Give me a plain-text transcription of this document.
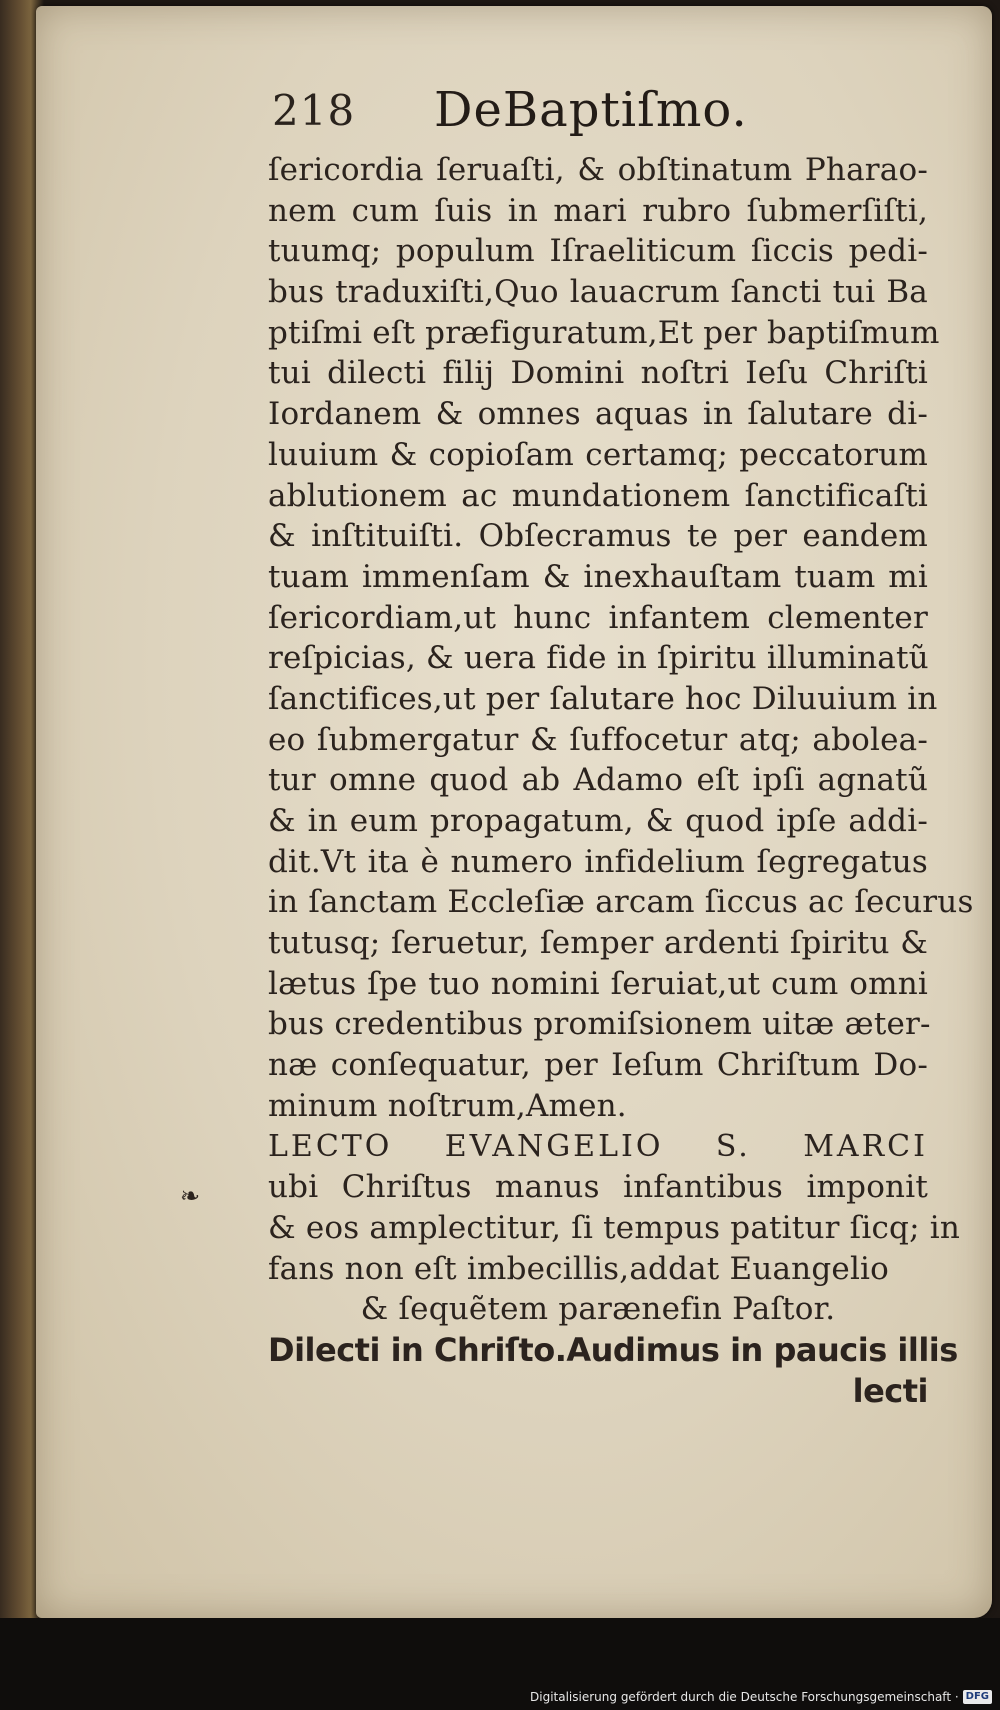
218 DeBaptiſmo.
❧
ſericordia ſeruaſti, & obſtinatum Pharao-
nem cum ſuis in mari rubro ſubmerſiſti,
tuumq; populum Iſraeliticum ſiccis pedi-
bus traduxiſti,Quo lauacrum ſancti tui Ba
ptiſmi eſt præfiguratum,Et per baptiſmum
tui dilecti filij Domini noſtri Ieſu Chriſti
Iordanem & omnes aquas in ſalutare di-
luuium & copioſam certamq; peccatorum
ablutionem ac mundationem ſanctificaſti
& inſtituiſti. Obſecramus te per eandem
tuam immenſam & inexhauſtam tuam mi
ſericordiam,ut hunc infantem clementer
reſpicias, & uera fide in ſpiritu illuminatũ
ſanctifices,ut per ſalutare hoc Diluuium in
eo ſubmergatur & ſuffocetur atq; abolea-
tur omne quod ab Adamo eſt ipſi agnatũ
& in eum propagatum, & quod ipſe addi-
dit.Vt ita è numero infidelium ſegregatus
in ſanctam Eccleſiæ arcam ſiccus ac ſecurus
tutusq; ſeruetur, ſemper ardenti ſpiritu &
lætus ſpe tuo nomini ſeruiat,ut cum omni
bus credentibus promiſsionem uitæ æter-
næ conſequatur, per Ieſum Chriſtum Do-
minum noſtrum,Amen.
LECTO EVANGELIO S. MARCI
ubi Chriſtus manus infantibus imponit
& eos amplectitur, ſi tempus patitur ſicq; in
fans non eſt imbecillis,addat Euangelio
& ſequẽtem parænefin Paſtor.
Dilecti in Chriſto.Audimus in paucis illis
lecti
Digitalisierung gefördert durch die Deutsche Forschungsgemeinschaft · DFG
